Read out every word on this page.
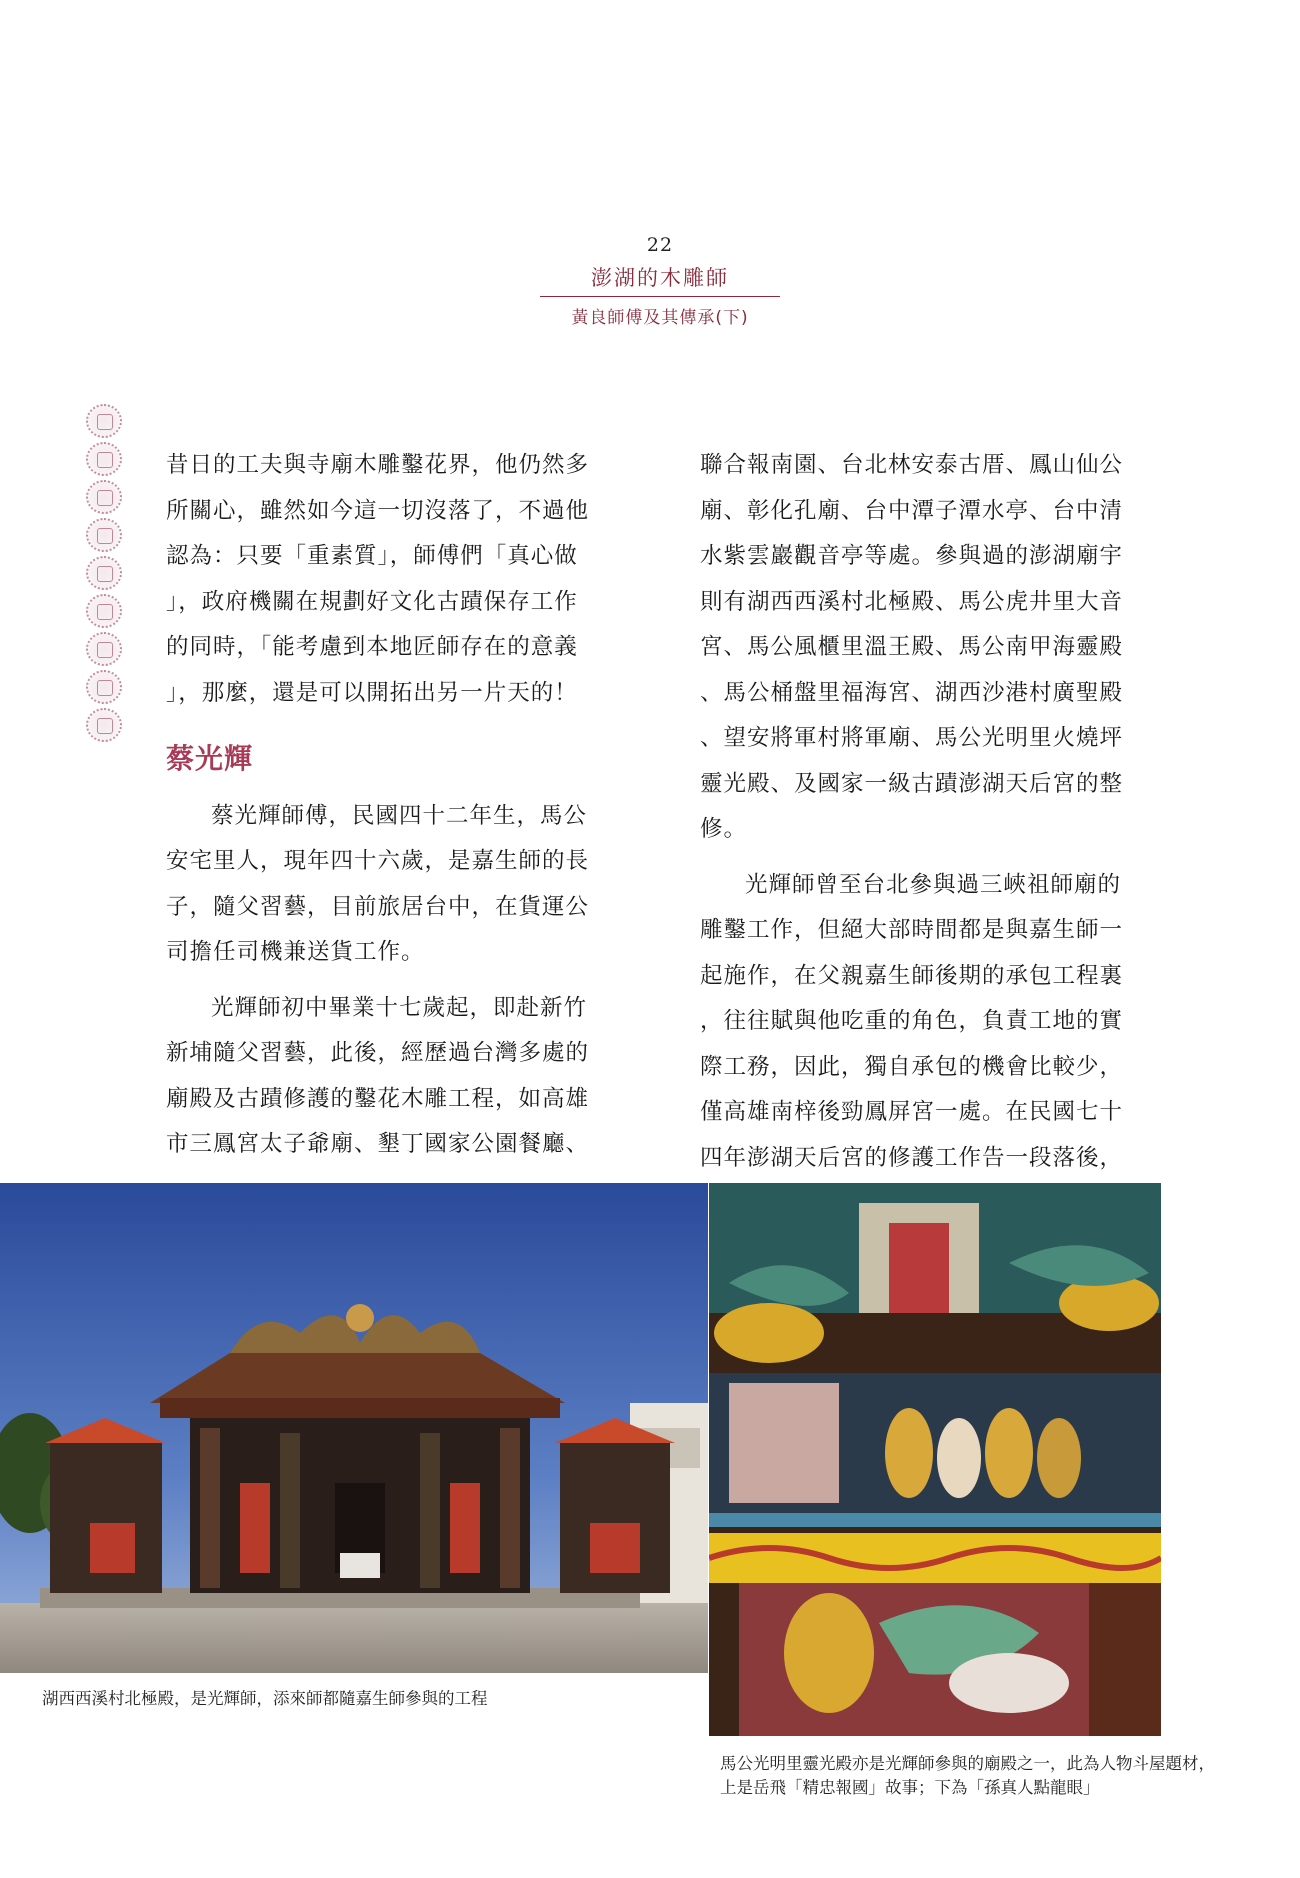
22
澎湖的木雕師
黃良師傅及其傳承(下)

昔日的工夫與寺廟木雕鑿花界，他仍然多

所關心，雖然如今這一切沒落了，不過他

認為：只要「重素質」，師傅們「真心做

」，政府機關在規劃好文化古蹟保存工作

的同時，「能考慮到本地匠師存在的意義

」，那麼，還是可以開拓出另一片天的！

蔡光輝

蔡光輝師傅，民國四十二年生，馬公

安宅里人，現年四十六歲，是嘉生師的長

子，隨父習藝，目前旅居台中，在貨運公

司擔任司機兼送貨工作。

光輝師初中畢業十七歲起，即赴新竹

新埔隨父習藝，此後，經歷過台灣多處的

廟殿及古蹟修護的鑿花木雕工程，如高雄

市三鳳宮太子爺廟、墾丁國家公園餐廳、

聯合報南園、台北林安泰古厝、鳳山仙公

廟、彰化孔廟、台中潭子潭水亭、台中清

水紫雲巖觀音亭等處。參與過的澎湖廟宇

則有湖西西溪村北極殿、馬公虎井里大音

宮、馬公風櫃里溫王殿、馬公南甲海靈殿

、馬公桶盤里福海宮、湖西沙港村廣聖殿

、望安將軍村將軍廟、馬公光明里火燒坪

靈光殿、及國家一級古蹟澎湖天后宮的整

修。

光輝師曾至台北參與過三峽祖師廟的

雕鑿工作，但絕大部時間都是與嘉生師一

起施作，在父親嘉生師後期的承包工程裏

，往往賦與他吃重的角色，負責工地的實

際工務，因此，獨自承包的機會比較少，

僅高雄南梓後勁鳳屏宮一處。在民國七十

四年澎湖天后宮的修護工作告一段落後，

湖西西溪村北極殿，是光輝師，添來師都隨嘉生師參與的工程
馬公光明里靈光殿亦是光輝師參與的廟殿之一，此為人物斗屋題材，
上是岳飛「精忠報國」故事；下為「孫真人點龍眼」
